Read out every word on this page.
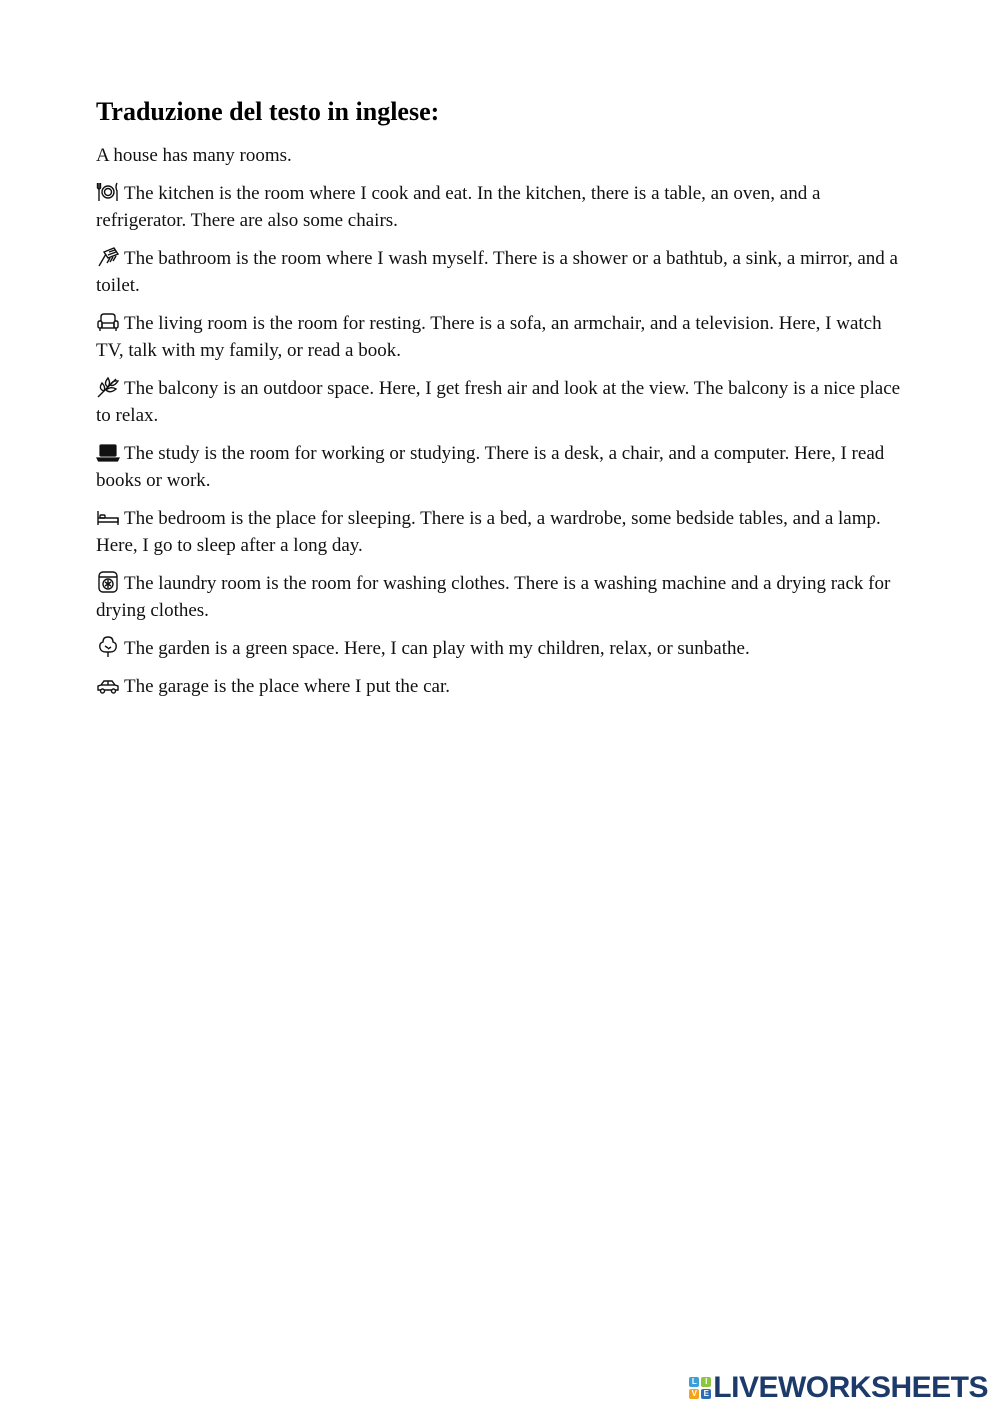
Traduzione del testo in inglese:

A house has many rooms.

The kitchen is the room where I cook and eat. In the kitchen, there is a table, an oven, and a refrigerator. There are also some chairs.

The bathroom is the room where I wash myself. There is a shower or a bathtub, a sink, a mirror, and a toilet.

The living room is the room for resting. There is a sofa, an armchair, and a television. Here, I watch TV, talk with my family, or read a book.

The balcony is an outdoor space. Here, I get fresh air and look at the view. The balcony is a nice place to relax.

The study is the room for working or studying. There is a desk, a chair, and a computer. Here, I read books or work.

The bedroom is the place for sleeping. There is a bed, a wardrobe, some bedside tables, and a lamp. Here, I go to sleep after a long day.

The laundry room is the room for washing clothes. There is a washing machine and a drying rack for drying clothes.

The garden is a green space. Here, I can play with my children, relax, or sunbathe.

The garage is the place where I put the car.

L	I
V E LIVEWORKSHEETS
